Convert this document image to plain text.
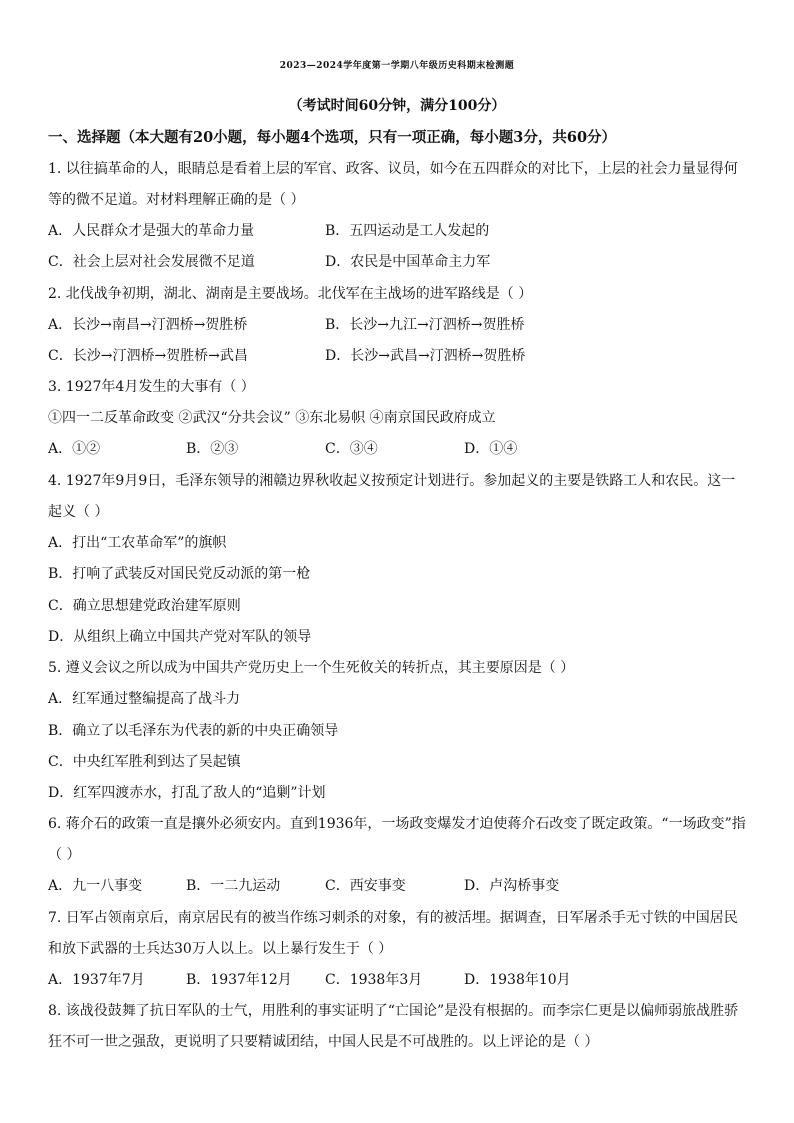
2023—2024学年度第一学期八年级历史科期末检测题
（考试时间60分钟，满分100分）
一、选择题（本大题有20小题，每小题4个选项，只有一项正确，每小题3分，共60分）
1. 以往搞革命的人，眼睛总是看着上层的军官、政客、议员，如今在五四群众的对比下，上层的社会力量显得何
等的微不足道。对材料理解正确的是（ ）
A．人民群众才是强大的革命力量	B．五四运动是工人发起的
C．社会上层对社会发展微不足道	D．农民是中国革命主力军
2. 北伐战争初期，湖北、湖南是主要战场。北伐军在主战场的进军路线是（ ）
A．长沙→南昌→汀泗桥→贺胜桥	B．长沙→九江→汀泗桥→贺胜桥
C．长沙→汀泗桥→贺胜桥→武昌	D．长沙→武昌→汀泗桥→贺胜桥
3. 1927年4月发生的大事有（ ）
①四一二反革命政变 ②武汉“分共会议” ③东北易帜 ④南京国民政府成立
A．①②	B．②③	C．③④	D．①④
4. 1927年9月9日，毛泽东领导的湘赣边界秋收起义按预定计划进行。参加起义的主要是铁路工人和农民。这一
起义（ ）
A．打出“工农革命军”的旗帜
B．打响了武装反对国民党反动派的第一枪
C．确立思想建党政治建军原则
D．从组织上确立中国共产党对军队的领导
5. 遵义会议之所以成为中国共产党历史上一个生死攸关的转折点，其主要原因是（ ）
A．红军通过整编提高了战斗力
B．确立了以毛泽东为代表的新的中央正确领导
C．中央红军胜利到达了吴起镇
D．红军四渡赤水，打乱了敌人的“追剿”计划
6. 蒋介石的政策一直是攘外必须安内。直到1936年，一场政变爆发才迫使蒋介石改变了既定政策。“一场政变”指
（ ）
A．九一八事变	B．一二九运动	C．西安事变	D．卢沟桥事变
7. 日军占领南京后，南京居民有的被当作练习刺杀的对象，有的被活埋。据调查，日军屠杀手无寸铁的中国居民
和放下武器的士兵达30万人以上。以上暴行发生于（ ）
A．1937年7月	B．1937年12月 C．1938年3月	D．1938年10月
8. 该战役鼓舞了抗日军队的士气，用胜利的事实证明了“亡国论”是没有根据的。而李宗仁更是以偏师弱旅战胜骄
狂不可一世之强敌，更说明了只要精诚团结，中国人民是不可战胜的。以上评论的是（ ）
